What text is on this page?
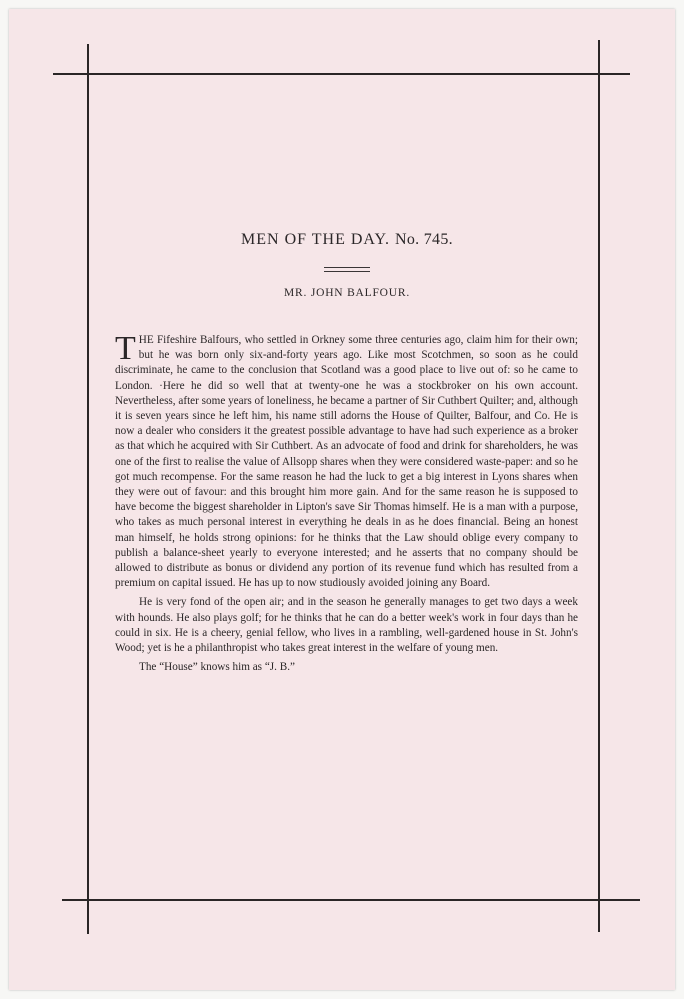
MEN OF THE DAY. No. 745.
MR. JOHN BALFOUR.

THE Fifeshire Balfours, who settled in Orkney some three centuries ago, claim him for their own; but he was born only six-and-forty years ago. Like most Scotchmen, so soon as he could discriminate, he came to the conclusion that Scotland was a good place to live out of: so he came to London. ·Here he did so well that at twenty-one he was a stockbroker on his own account. Nevertheless, after some years of loneliness, he became a partner of Sir Cuthbert Quilter; and, although it is seven years since he left him, his name still adorns the House of Quilter, Balfour, and Co. He is now a dealer who considers it the greatest possible advantage to have had such experience as a broker as that which he acquired with Sir Cuthbert. As an advocate of food and drink for shareholders, he was one of the first to realise the value of Allsopp shares when they were considered waste-paper: and so he got much recompense. For the same reason he had the luck to get a big interest in Lyons shares when they were out of favour: and this brought him more gain. And for the same reason he is supposed to have become the biggest shareholder in Lipton's save Sir Thomas himself. He is a man with a purpose, who takes as much personal interest in everything he deals in as he does financial. Being an honest man himself, he holds strong opinions: for he thinks that the Law should oblige every company to publish a balance-sheet yearly to everyone interested; and he asserts that no company should be allowed to distribute as bonus or dividend any portion of its revenue fund which has resulted from a premium on capital issued. He has up to now studiously avoided joining any Board.

He is very fond of the open air; and in the season he generally manages to get two days a week with hounds. He also plays golf; for he thinks that he can do a better week's work in four days than he could in six. He is a cheery, genial fellow, who lives in a rambling, well-gardened house in St. John's Wood; yet is he a philanthropist who takes great interest in the welfare of young men.

The “House” knows him as “J. B.”
